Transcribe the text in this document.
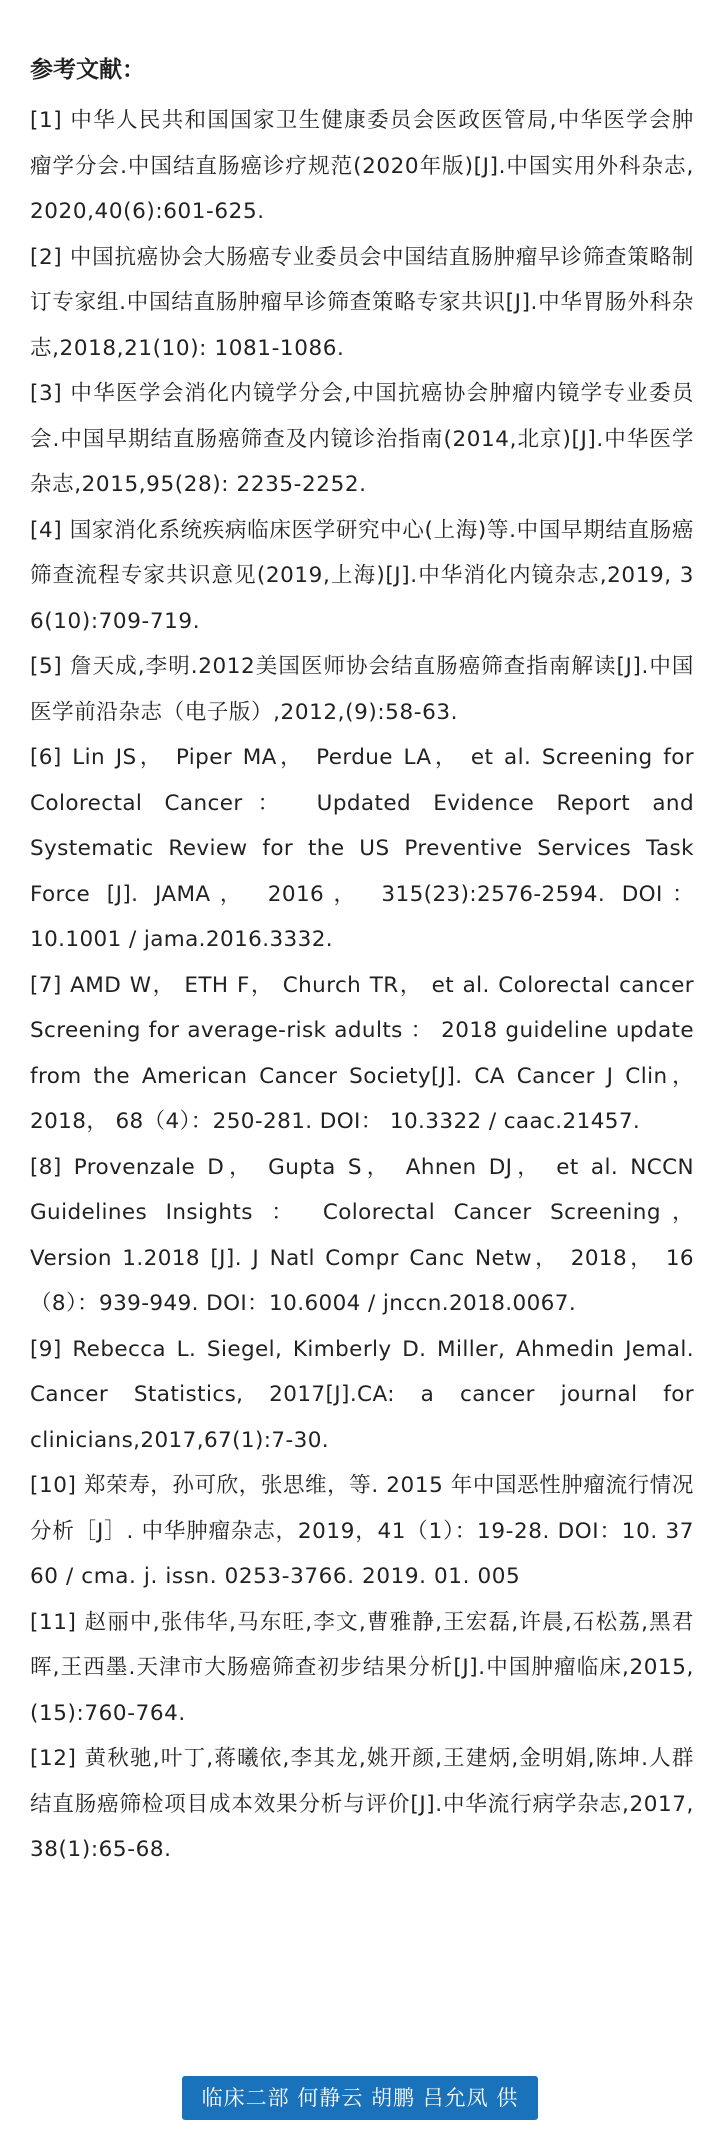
参考文献：

[1] 中华人民共和国国家卫生健康委员会医政医管局,中华医学会肿瘤学分会.中国结直肠癌诊疗规范(2020年版)[J].中国实用外科杂志,2020,40(6):601-625.

[2] 中国抗癌协会大肠癌专业委员会中国结直肠肿瘤早诊筛查策略制订专家组.中国结直肠肿瘤早诊筛查策略专家共识[J].中华胃肠外科杂志,2018,21(10): 1081-1086.

[3] 中华医学会消化内镜学分会,中国抗癌协会肿瘤内镜学专业委员会.中国早期结直肠癌筛查及内镜诊治指南(2014,北京)[J].中华医学杂志,2015,95(28): 2235-2252.

[4] 国家消化系统疾病临床医学研究中心(上海)等.中国早期结直肠癌筛查流程专家共识意见(2019,上海)[J].中华消化内镜杂志,2019, 36(10):709-719.

[5] 詹天成,李明.2012美国医师协会结直肠癌筛查指南解读[J].中国医学前沿杂志（电子版）,2012,(9):58-63.

[6] Lin JS， Piper MA， Perdue LA， et al. Screening for Colorectal Cancer： Updated Evidence Report and Systematic Review for the US Preventive Services Task Force [J]. JAMA， 2016， 315(23):2576-2594. DOI： 10.1001 / jama.2016.3332.

[7] AMD W， ETH F， Church TR， et al. Colorectal cancer Screening for average-risk adults ： 2018 guideline update from the American Cancer Society[J]. CA Cancer J Clin， 2018， 68（4）：250-281. DOI： 10.3322 / caac.21457.

[8] Provenzale D， Gupta S， Ahnen DJ， et al. NCCN Guidelines Insights ： Colorectal Cancer Screening， Version 1.2018 [J]. J Natl Compr Canc Netw， 2018， 16（8）：939-949. DOI：10.6004 / jnccn.2018.0067.

[9] Rebecca L. Siegel, Kimberly D. Miller, Ahmedin Jemal. Cancer Statistics, 2017[J].CA: a cancer journal for clinicians,2017,67(1):7-30.

[10] 郑荣寿，孙可欣，张思维，等. 2015 年中国恶性肿瘤流行情况分析［J］. 中华肿瘤杂志，2019，41（1）：19-28. DOI：10. 3760 / cma. j. issn. 0253-3766. 2019. 01. 005

[11] 赵丽中,张伟华,马东旺,李文,曹雅静,王宏磊,许晨,石松荔,黑君晖,王西墨.天津市大肠癌筛查初步结果分析[J].中国肿瘤临床,2015,(15):760-764.

[12] 黄秋驰,叶丁,蒋曦依,李其龙,姚开颜,王建炳,金明娟,陈坤.人群结直肠癌筛检项目成本效果分析与评价[J].中华流行病学杂志,2017,38(1):65-68.

临床二部 何静云 胡鹏 吕允凤 供
